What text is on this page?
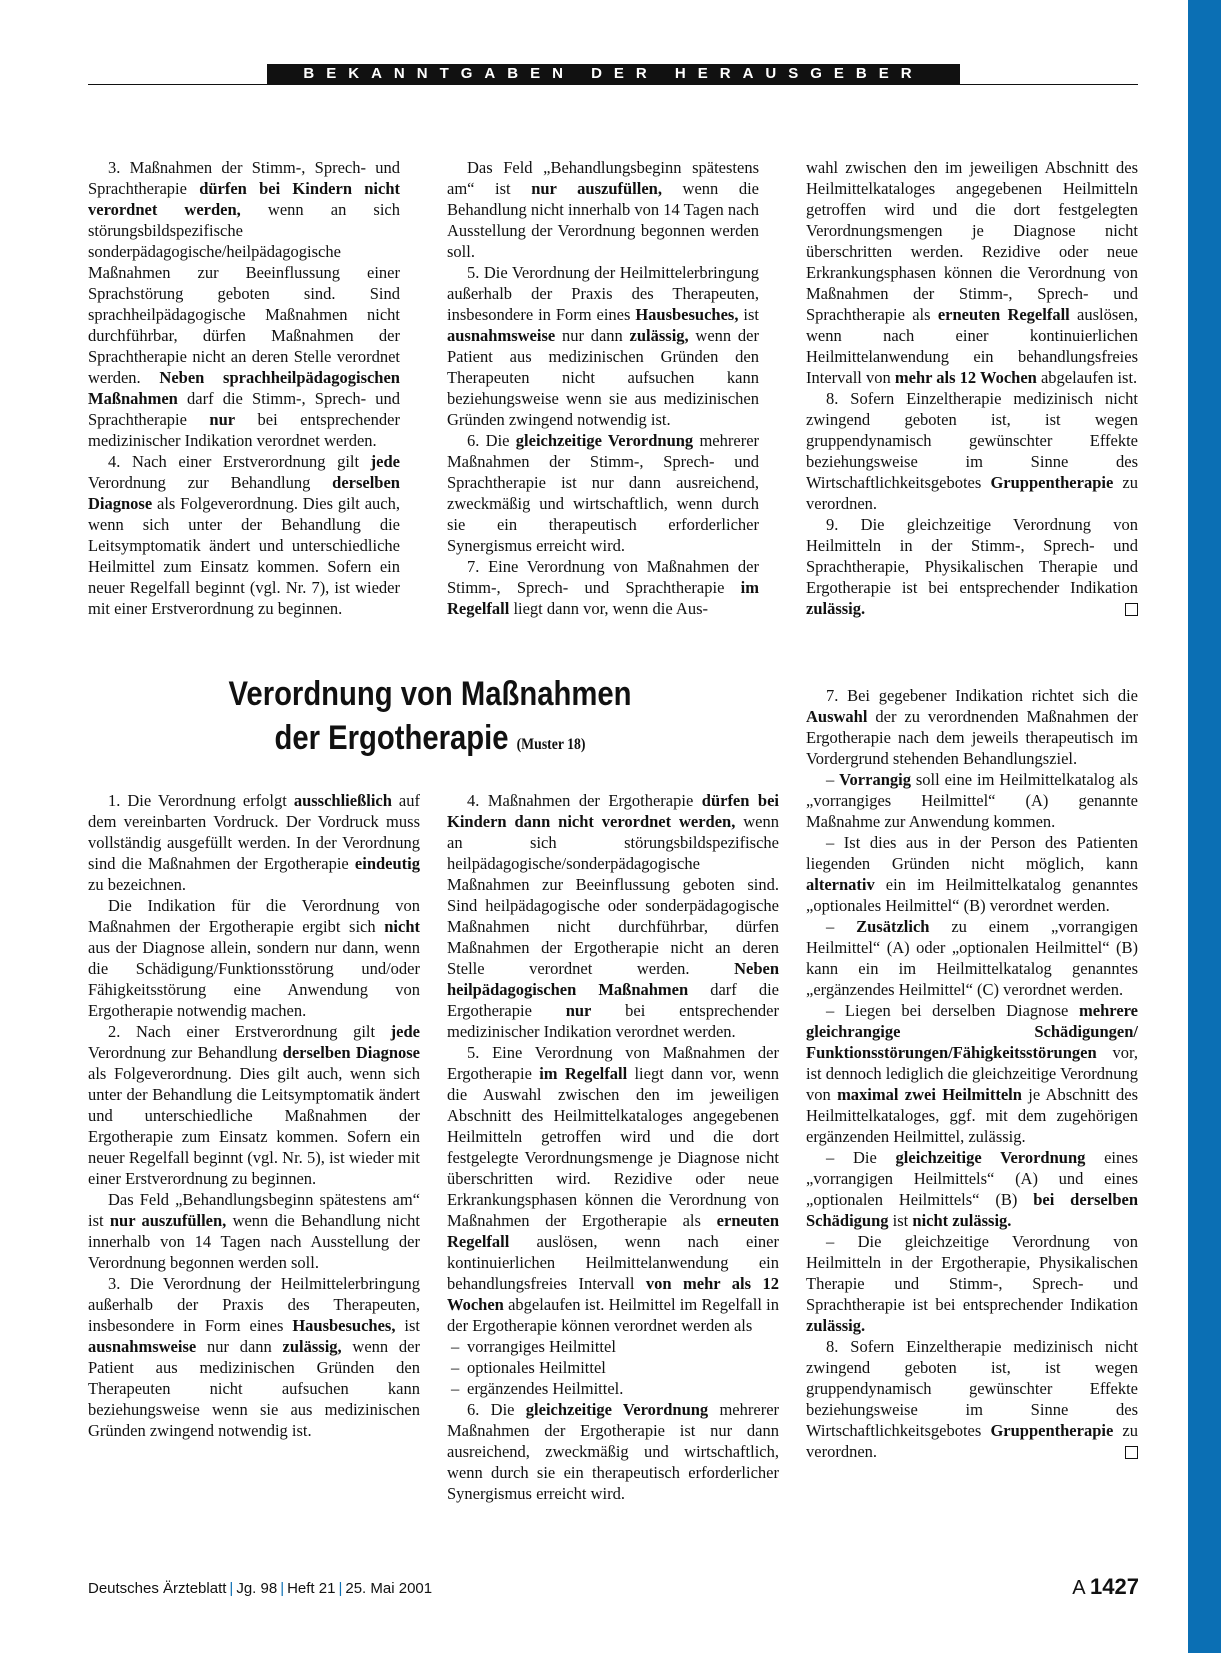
BEKANNTGABEN DER HERAUSGEBER

3. Maßnahmen der Stimm-, Sprech- und Sprachtherapie dürfen bei Kindern nicht verordnet werden, wenn an sich störungsbildspezifische sonderpädagogische/heilpädagogische Maßnahmen zur Beeinflussung einer Sprachstörung geboten sind. Sind sprachheilpädagogische Maßnahmen nicht durchführbar, dürfen Maßnahmen der Sprachtherapie nicht an deren Stelle verordnet werden. Neben sprachheilpädagogischen Maßnahmen darf die Stimm-, Sprech- und Sprachtherapie nur bei entsprechender medizinischer Indikation verordnet werden.

4. Nach einer Erstverordnung gilt jede Verordnung zur Behandlung derselben Diagnose als Folgeverordnung. Dies gilt auch, wenn sich unter der Behandlung die Leitsymptomatik ändert und unterschiedliche Heilmittel zum Einsatz kommen. Sofern ein neuer Regelfall beginnt (vgl. Nr. 7), ist wieder mit einer Erstverordnung zu beginnen.

Das Feld „Behandlungsbeginn spätestens am“ ist nur auszufüllen, wenn die Behandlung nicht innerhalb von 14 Tagen nach Ausstellung der Verordnung begonnen werden soll.

5. Die Verordnung der Heilmittelerbringung außerhalb der Praxis des Therapeuten, insbesondere in Form eines Hausbesuches, ist ausnahmsweise nur dann zulässig, wenn der Patient aus medizinischen Gründen den Therapeuten nicht aufsuchen kann beziehungsweise wenn sie aus medizinischen Gründen zwingend notwendig ist.

6. Die gleichzeitige Verordnung mehrerer Maßnahmen der Stimm-, Sprech- und Sprachtherapie ist nur dann ausreichend, zweckmäßig und wirtschaftlich, wenn durch sie ein therapeutisch erforderlicher Synergismus erreicht wird.

7. Eine Verordnung von Maßnahmen der Stimm-, Sprech- und Sprachtherapie im Regelfall liegt dann vor, wenn die Aus-

wahl zwischen den im jeweiligen Abschnitt des Heilmittelkataloges angegebenen Heilmitteln getroffen wird und die dort festgelegten Verordnungsmengen je Diagnose nicht überschritten werden. Rezidive oder neue Erkrankungsphasen können die Verordnung von Maßnahmen der Stimm-, Sprech- und Sprachtherapie als erneuten Regelfall auslösen, wenn nach einer kontinuierlichen Heilmittelanwendung ein behandlungsfreies Intervall von mehr als 12 Wochen abgelaufen ist.

8. Sofern Einzeltherapie medizinisch nicht zwingend geboten ist, ist wegen gruppendynamisch gewünschter Effekte beziehungsweise im Sinne des Wirtschaftlichkeitsgebotes Gruppentherapie zu verordnen.

9. Die gleichzeitige Verordnung von Heilmitteln in der Stimm-, Sprech- und Sprachtherapie, Physikalischen Therapie und Ergotherapie ist bei entsprechender Indikation zulässig.

Verordnung von Maßnahmen
der Ergotherapie (Muster 18)

1. Die Verordnung erfolgt ausschließlich auf dem vereinbarten Vordruck. Der Vordruck muss vollständig ausgefüllt werden. In der Verordnung sind die Maßnahmen der Ergotherapie eindeutig zu bezeichnen.

Die Indikation für die Verordnung von Maßnahmen der Ergotherapie ergibt sich nicht aus der Diagnose allein, sondern nur dann, wenn die Schädigung/Funktionsstörung und/oder Fähigkeitsstörung eine Anwendung von Ergotherapie notwendig machen.

2. Nach einer Erstverordnung gilt jede Verordnung zur Behandlung derselben Diagnose als Folgeverordnung. Dies gilt auch, wenn sich unter der Behandlung die Leitsymptomatik ändert und unterschiedliche Maßnahmen der Ergotherapie zum Einsatz kommen. Sofern ein neuer Regelfall beginnt (vgl. Nr. 5), ist wieder mit einer Erstverordnung zu beginnen.

Das Feld „Behandlungsbeginn spätestens am“ ist nur auszufüllen, wenn die Behandlung nicht innerhalb von 14 Tagen nach Ausstellung der Verordnung begonnen werden soll.

3. Die Verordnung der Heilmittelerbringung außerhalb der Praxis des Therapeuten, insbesondere in Form eines Hausbesuches, ist ausnahmsweise nur dann zulässig, wenn der Patient aus medizinischen Gründen den Therapeuten nicht aufsuchen kann beziehungsweise wenn sie aus medizinischen Gründen zwingend notwendig ist.

4. Maßnahmen der Ergotherapie dürfen bei Kindern dann nicht verordnet werden, wenn an sich störungsbildspezifische heilpädagogische/sonderpädagogische Maßnahmen zur Beeinflussung geboten sind. Sind heilpädagogische oder sonderpädagogische Maßnahmen nicht durchführbar, dürfen Maßnahmen der Ergotherapie nicht an deren Stelle verordnet werden. Neben heilpädagogischen Maßnahmen darf die Ergotherapie nur bei entsprechender medizinischer Indikation verordnet werden.

5. Eine Verordnung von Maßnahmen der Ergotherapie im Regelfall liegt dann vor, wenn die Auswahl zwischen den im jeweiligen Abschnitt des Heilmittelkataloges angegebenen Heilmitteln getroffen wird und die dort festgelegte Verordnungsmenge je Diagnose nicht überschritten wird. Rezidive oder neue Erkrankungsphasen können die Verordnung von Maßnahmen der Ergotherapie als erneuten Regelfall auslösen, wenn nach einer kontinuierlichen Heilmittelanwendung ein behandlungsfreies Intervall von mehr als 12 Wochen abgelaufen ist. Heilmittel im Regelfall in der Ergotherapie können verordnet werden als

– vorrangiges Heilmittel
– optionales Heilmittel
– ergänzendes Heilmittel.

6. Die gleichzeitige Verordnung mehrerer Maßnahmen der Ergotherapie ist nur dann ausreichend, zweckmäßig und wirtschaftlich, wenn durch sie ein therapeutisch erforderlicher Synergismus erreicht wird.

7. Bei gegebener Indikation richtet sich die Auswahl der zu verordnenden Maßnahmen der Ergotherapie nach dem jeweils therapeutisch im Vordergrund stehenden Behandlungsziel.

– Vorrangig soll eine im Heilmittelkatalog als „vorrangiges Heilmittel“ (A) genannte Maßnahme zur Anwendung kommen.

– Ist dies aus in der Person des Patienten liegenden Gründen nicht möglich, kann alternativ ein im Heilmittelkatalog genanntes „optionales Heilmittel“ (B) verordnet werden.

– Zusätzlich zu einem „vorrangigen Heilmittel“ (A) oder „optionalen Heilmittel“ (B) kann ein im Heilmittelkatalog genanntes „ergänzendes Heilmittel“ (C) verordnet werden.

– Liegen bei derselben Diagnose mehrere gleichrangige Schädigungen/ Funktionsstörungen/Fähigkeitsstörungen vor, ist dennoch lediglich die gleichzeitige Verordnung von maximal zwei Heilmitteln je Abschnitt des Heilmittelkataloges, ggf. mit dem zugehörigen ergänzenden Heilmittel, zulässig.

– Die gleichzeitige Verordnung eines „vorrangigen Heilmittels“ (A) und eines „optionalen Heilmittels“ (B) bei derselben Schädigung ist nicht zulässig.

– Die gleichzeitige Verordnung von Heilmitteln in der Ergotherapie, Physikalischen Therapie und Stimm-, Sprech- und Sprachtherapie ist bei entsprechender Indikation zulässig.

8. Sofern Einzeltherapie medizinisch nicht zwingend geboten ist, ist wegen gruppendynamisch gewünschter Effekte beziehungsweise im Sinne des Wirtschaftlichkeitsgebotes Gruppentherapie zu verordnen.

Deutsches Ärzteblatt | Jg. 98 | Heft 21 | 25. Mai 2001	A 1427
